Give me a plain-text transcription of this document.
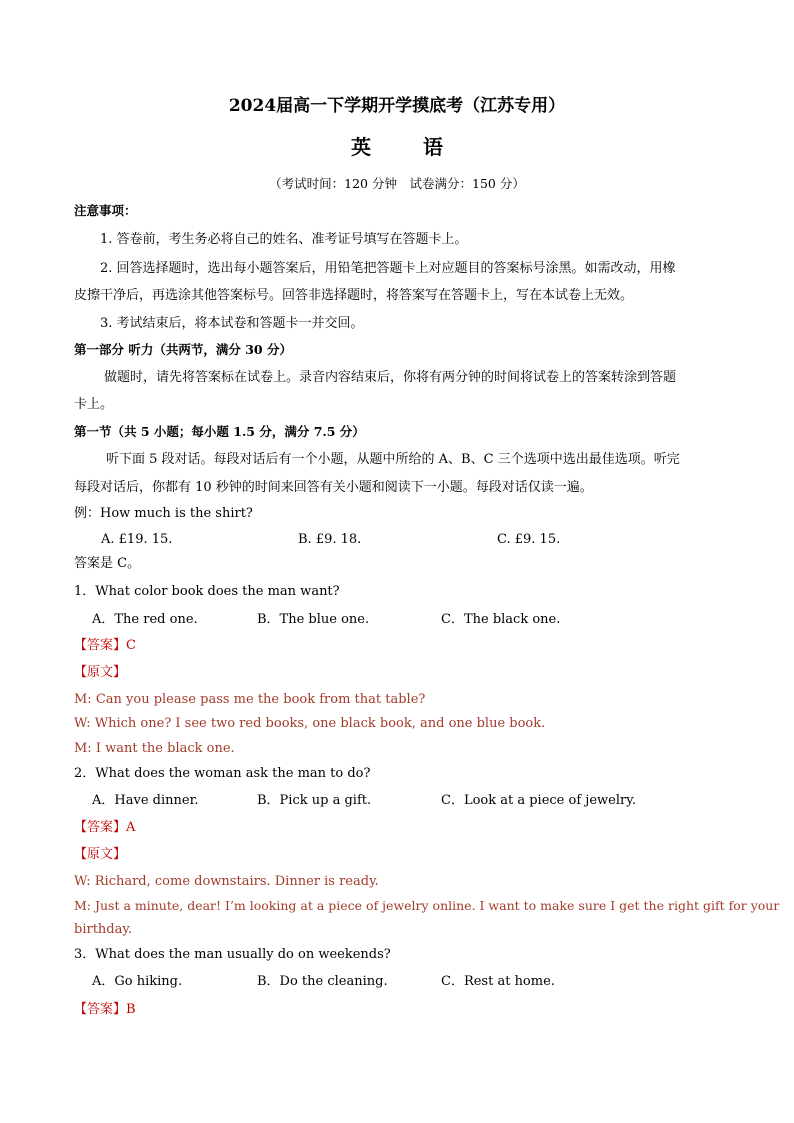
2024届高一下学期开学摸底考（江苏专用）
英	语
（考试时间：120 分钟　试卷满分：150 分）
注意事项：
1. 答卷前，考生务必将自己的姓名、准考证号填写在答题卡上。
2. 回答选择题时，选出每小题答案后，用铅笔把答题卡上对应题目的答案标号涂黑。如需改动，用橡
皮擦干净后，再选涂其他答案标号。回答非选择题时，将答案写在答题卡上，写在本试卷上无效。
3. 考试结束后，将本试卷和答题卡一并交回。
第一部分 听力（共两节，满分 30 分）
做题时，请先将答案标在试卷上。录音内容结束后，你将有两分钟的时间将试卷上的答案转涂到答题
卡上。
第一节（共 5 小题；每小题 1.5 分，满分 7.5 分）
听下面 5 段对话。每段对话后有一个小题，从题中所给的 A、B、C 三个选项中选出最佳选项。听完
每段对话后，你都有 10 秒钟的时间来回答有关小题和阅读下一小题。每段对话仅读一遍。
例：How much is the shirt?
A. £19. 15.	B. £9. 18.	C. £9. 15.
答案是 C。
1．What color book does the man want?
A．The red one.	B．The blue one.	C．The black one.
【答案】C
【原文】
M: Can you please pass me the book from that table?
W: Which one? I see two red books, one black book, and one blue book.
M: I want the black one.
2．What does the woman ask the man to do?
A．Have dinner.	B．Pick up a gift.	C．Look at a piece of jewelry.
【答案】A
【原文】
W: Richard, come downstairs. Dinner is ready.
M: Just a minute, dear! I’m looking at a piece of jewelry online. I want to make sure I get the right gift for your
birthday.
3．What does the man usually do on weekends?
A．Go hiking.	B．Do the cleaning.	C．Rest at home.
【答案】B
